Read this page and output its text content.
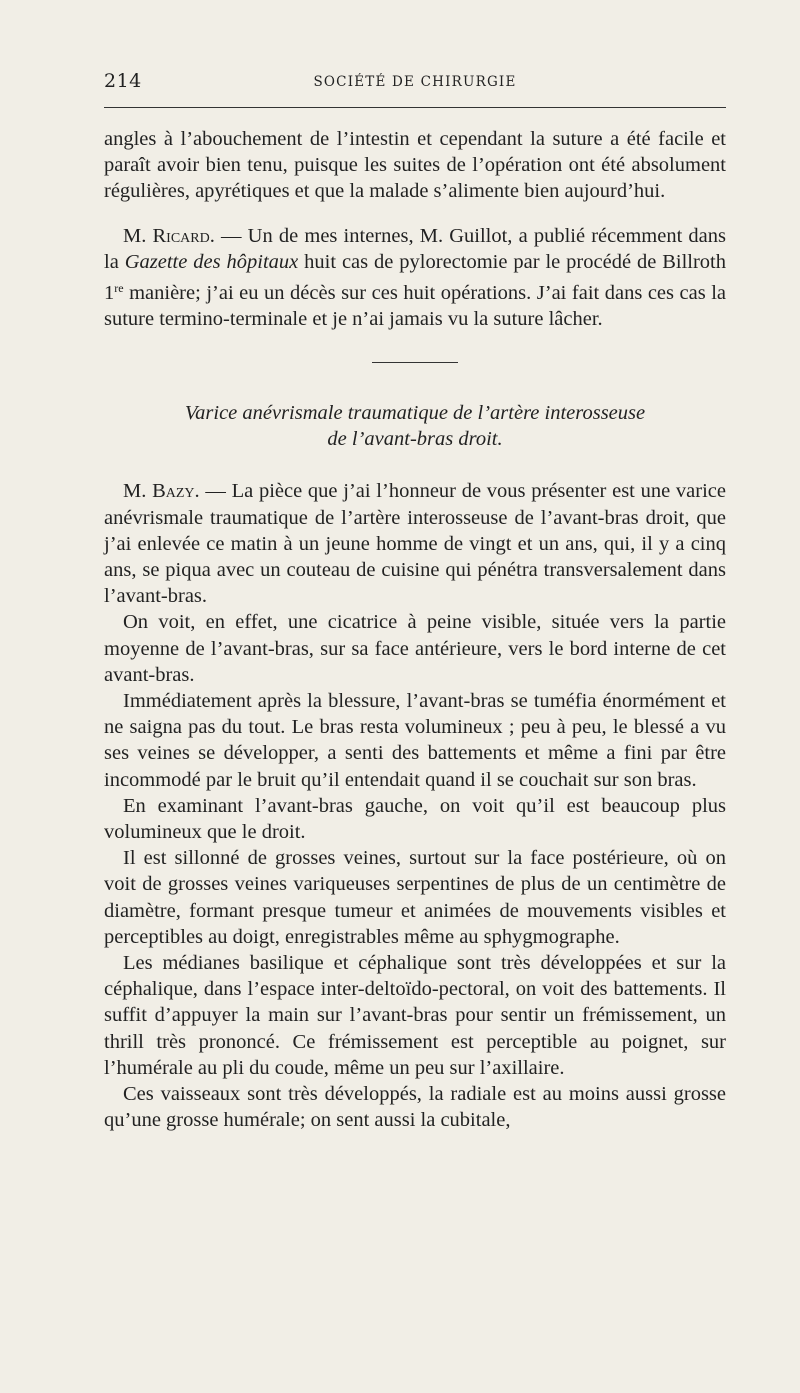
214	SOCIÉTÉ DE CHIRURGIE

angles à l’abouchement de l’intestin et cependant la suture a été facile et paraît avoir bien tenu, puisque les suites de l’opération ont été absolument régulières, apyrétiques et que la malade s’alimente bien aujourd’hui.

M. Ricard. — Un de mes internes, M. Guillot, a publié récemment dans la Gazette des hôpitaux huit cas de pylorectomie par le procédé de Billroth 1re manière; j’ai eu un décès sur ces huit opérations. J’ai fait dans ces cas la suture termino-terminale et je n’ai jamais vu la suture lâcher.

Varice anévrismale traumatique de l’artère interosseuse
de l’avant-bras droit.

M. Bazy. — La pièce que j’ai l’honneur de vous présenter est une varice anévrismale traumatique de l’artère interosseuse de l’avant-bras droit, que j’ai enlevée ce matin à un jeune homme de vingt et un ans, qui, il y a cinq ans, se piqua avec un couteau de cuisine qui pénétra transversalement dans l’avant-bras.

On voit, en effet, une cicatrice à peine visible, située vers la partie moyenne de l’avant-bras, sur sa face antérieure, vers le bord interne de cet avant-bras.

Immédiatement après la blessure, l’avant-bras se tuméfia énormément et ne saigna pas du tout. Le bras resta volumineux ; peu à peu, le blessé a vu ses veines se développer, a senti des battements et même a fini par être incommodé par le bruit qu’il entendait quand il se couchait sur son bras.

En examinant l’avant-bras gauche, on voit qu’il est beaucoup plus volumineux que le droit.

Il est sillonné de grosses veines, surtout sur la face postérieure, où on voit de grosses veines variqueuses serpentines de plus de un centimètre de diamètre, formant presque tumeur et animées de mouvements visibles et perceptibles au doigt, enregistrables même au sphygmographe.

Les médianes basilique et céphalique sont très développées et sur la céphalique, dans l’espace inter-deltoïdo-pectoral, on voit des battements. Il suffit d’appuyer la main sur l’avant-bras pour sentir un frémissement, un thrill très prononcé. Ce frémissement est perceptible au poignet, sur l’humérale au pli du coude, même un peu sur l’axillaire.

Ces vaisseaux sont très développés, la radiale est au moins aussi grosse qu’une grosse humérale; on sent aussi la cubitale,
